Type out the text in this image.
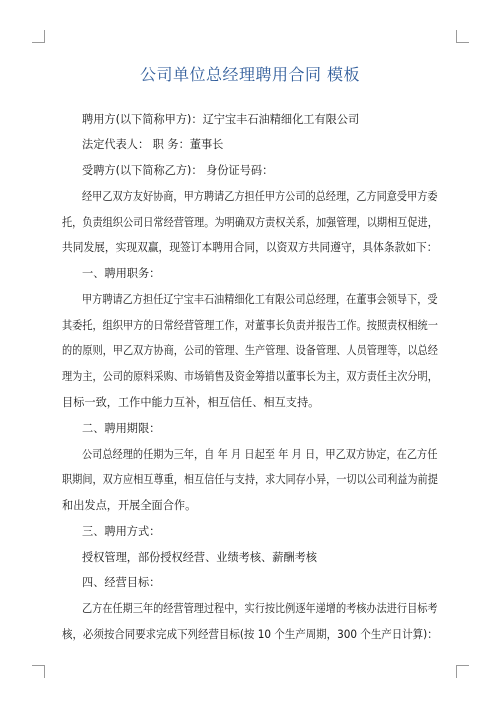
公司单位总经理聘用合同 模板
聘用方(以下简称甲方)：辽宁宝丰石油精细化工有限公司
法定代表人： 职 务：董事长
受聘方(以下简称乙方)： 身份证号码：
经甲乙双方友好协商，甲方聘请乙方担任甲方公司的总经理，乙方同意受甲方委
托，负责组织公司日常经营管理。为明确双方责权关系，加强管理，以期相互促进，
共同发展，实现双赢，现签订本聘用合同，以资双方共同遵守，具体条款如下：
一、聘用职务：
甲方聘请乙方担任辽宁宝丰石油精细化工有限公司总经理，在董事会领导下，受
其委托，组织甲方的日常经营管理工作，对董事长负责并报告工作。按照责权相统一
的的原则，甲乙双方协商，公司的管理、生产管理、设备管理、人员管理等，以总经
理为主，公司的原料采购、市场销售及资金筹措以董事长为主，双方责任主次分明，
目标一致，工作中能力互补，相互信任、相互支持。
二、聘用期限：
公司总经理的任期为三年，自 年 月 日起至 年 月 日，甲乙双方协定，在乙方任
职期间，双方应相互尊重，相互信任与支持，求大同存小异，一切以公司利益为前提
和出发点，开展全面合作。
三、聘用方式：
授权管理，部份授权经营、业绩考核、薪酬考核
四、经营目标：
乙方在任期三年的经营管理过程中，实行按比例逐年递增的考核办法进行目标考
核，必须按合同要求完成下列经营目标(按 10 个生产周期，300 个生产日计算)：
